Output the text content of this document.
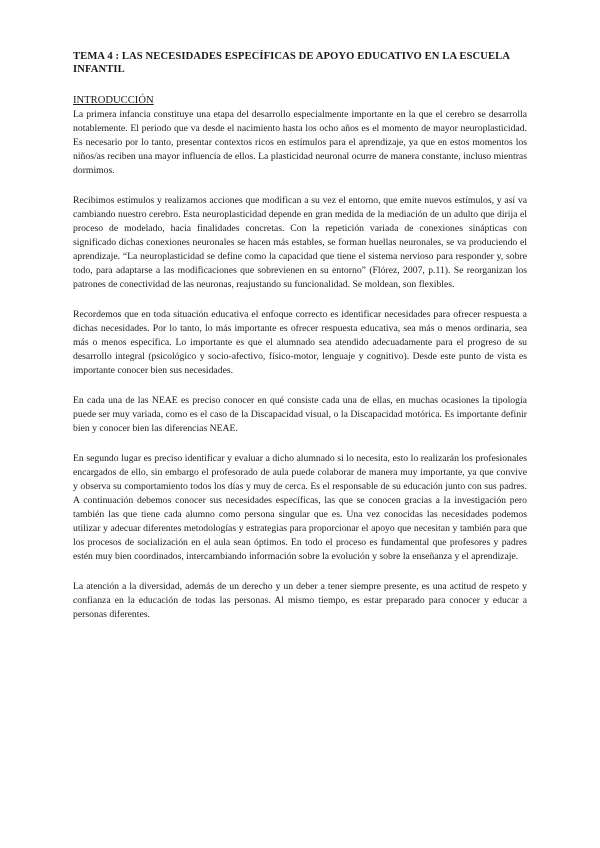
TEMA 4 : LAS NECESIDADES ESPECÍFICAS DE APOYO EDUCATIVO EN LA ESCUELA INFANTIL
INTRODUCCIÓN

La primera infancia constituye una etapa del desarrollo especialmente importante en la que el cerebro se desarrolla notablemente. El periodo que va desde el nacimiento hasta los ocho años es el momento de mayor neuroplasticidad. Es necesario por lo tanto, presentar contextos ricos en estímulos para el aprendizaje, ya que en estos momentos los niños/as reciben una mayor influencia de ellos. La plasticidad neuronal ocurre de manera constante, incluso mientras dormimos.

Recibimos estímulos y realizamos acciones que modifican a su vez el entorno, que emite nuevos estímulos, y así va cambiando nuestro cerebro. Esta neuroplasticidad depende en gran medida de la mediación de un adulto que dirija el proceso de modelado, hacia finalidades concretas. Con la repetición variada de conexiones sinápticas con significado dichas conexiones neuronales se hacen más estables, se forman huellas neuronales, se va produciendo el aprendizaje. “La neuroplasticidad se define como la capacidad que tiene el sistema nervioso para responder y, sobre todo, para adaptarse a las modificaciones que sobrevienen en su entorno” (Flórez, 2007, p.11). Se reorganizan los patrones de conectividad de las neuronas, reajustando su funcionalidad. Se moldean, son flexibles.

Recordemos que en toda situación educativa el enfoque correcto es identificar necesidades para ofrecer respuesta a dichas necesidades. Por lo tanto, lo más importante es ofrecer respuesta educativa, sea más o menos ordinaria, sea más o menos específica. Lo importante es que el alumnado sea atendido adecuadamente para el progreso de su desarrollo integral (psicológico y socio-afectivo, físico-motor, lenguaje y cognitivo). Desde este punto de vista es importante conocer bien sus necesidades.

En cada una de las NEAE es preciso conocer en qué consiste cada una de ellas, en muchas ocasiones la tipología puede ser muy variada, como es el caso de la Discapacidad visual, o la Discapacidad motórica. Es importante definir bien y conocer bien las diferencias NEAE.

En segundo lugar es preciso identificar y evaluar a dicho alumnado si lo necesita, esto lo realizarán los profesionales encargados de ello, sin embargo el profesorado de aula puede colaborar de manera muy importante, ya que convive y observa su comportamiento todos los días y muy de cerca. Es el responsable de su educación junto con sus padres. A continuación debemos conocer sus necesidades específicas, las que se conocen gracias a la investigación pero también las que tiene cada alumno como persona singular que es. Una vez conocidas las necesidades podemos utilizar y adecuar diferentes metodologías y estrategias para proporcionar el apoyo que necesitan y también para que los procesos de socialización en el aula sean óptimos. En todo el proceso es fundamental que profesores y padres estén muy bien coordinados, intercambiando información sobre la evolución y sobre la enseñanza y el aprendizaje.

La atención a la diversidad, además de un derecho y un deber a tener siempre presente, es una actitud de respeto y confianza en la educación de todas las personas. Al mismo tiempo, es estar preparado para conocer y educar a personas diferentes.
